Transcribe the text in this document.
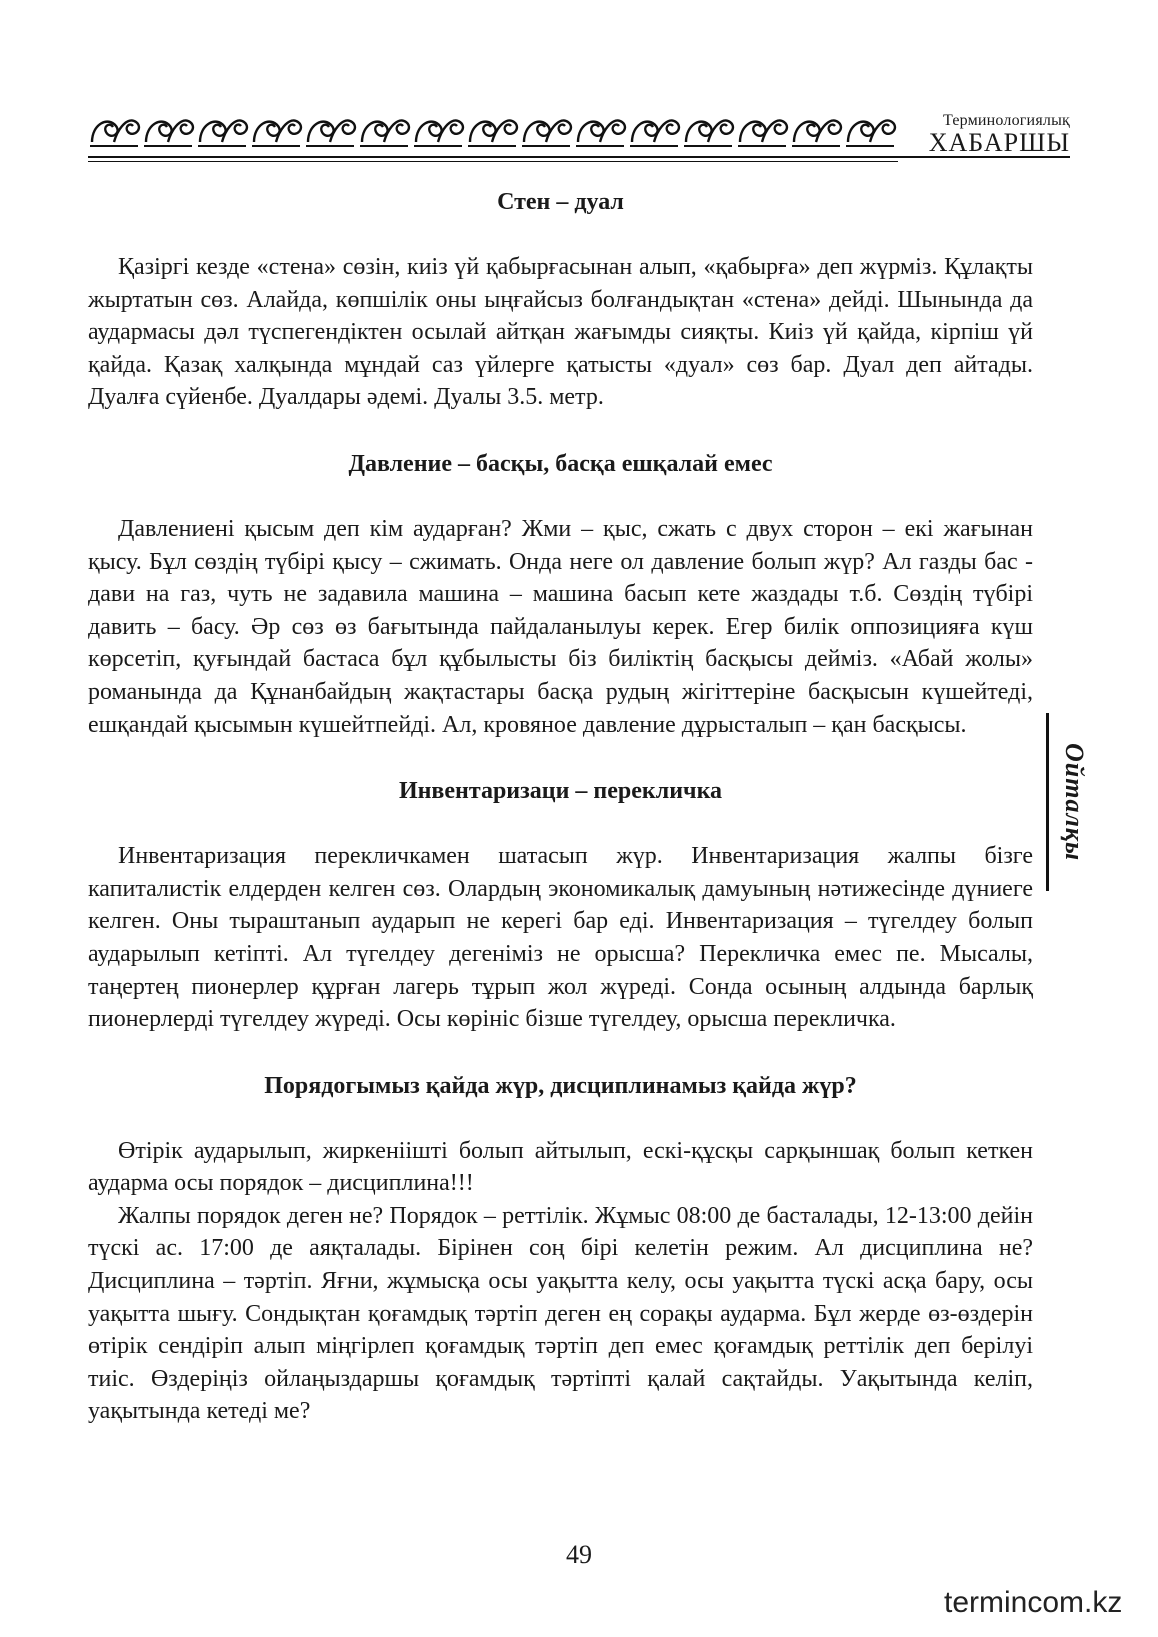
Терминологиялық
ХАБАРШЫ
Стен – дуал

Қазіргі кезде «стена» сөзін, киіз үй қабырғасынан алып, «қабырға» деп жүрміз. Құлақты жыртатын сөз. Алайда, көпшілік оны ыңғайсыз болғандықтан «стена» дейді. Шынында да аудармасы дәл түспегендіктен осылай айтқан жағымды сияқты. Киіз үй қайда, кірпіш үй қайда. Қазақ халқында мұндай саз үйлерге қатысты «дуал» сөз бар. Дуал деп айтады. Дуалға сүйенбе. Дуалдары әдемі. Дуалы 3.5. метр.

Давление – басқы, басқа ешқалай емес

Давлениені қысым деп кім аударған? Жми – қыс, сжать с двух сторон – екі жағынан қысу. Бұл сөздің түбірі қысу – сжимать. Онда неге ол давление болып жүр? Ал газды бас - дави на газ, чуть не задавила машина – машина басып кете жаздады т.б. Сөздің түбірі давить – басу. Әр сөз өз бағытында пайдаланылуы керек. Егер билік оппозицияға күш көрсетіп, қуғындай бастаса бұл құбылысты біз биліктің басқысы дейміз. «Абай жолы» романында да Құнанбайдың жақтастары басқа рудың жігіттеріне басқысын күшейтеді, ешқандай қысымын күшейтпейді. Ал, кровяное давление дұрысталып – қан басқысы.

Инвентаризаци – перекличка

Инвентаризация перекличкамен шатасып жүр. Инвентаризация жалпы бізге капиталистік елдерден келген сөз. Олардың экономикалық дамуының нәтижесінде дүниеге келген. Оны тыраштанып аударып не керегі бар еді. Инвентаризация – түгелдеу болып аударылып кетіпті. Ал түгелдеу дегеніміз не орысша? Перекличка емес пе. Мысалы, таңертең пионерлер құрған лагерь тұрып жол жүреді. Сонда осының алдында барлық пионерлерді түгелдеу жүреді. Осы көрініс бізше түгелдеу, орысша перекличка.

Порядогымыз қайда жүр, дисциплинамыз қайда жүр?

Өтірік аударылып, жиркеніішті болып айтылып, ескі-құсқы сарқыншақ болып кеткен аударма осы порядок – дисциплина!!!

Жалпы порядок деген не? Порядок – реттілік. Жұмыс 08:00 де басталады, 12-13:00 дейін түскі ас. 17:00 де аяқталады. Бірінен соң бірі келетін режим. Ал дисциплина не? Дисциплина – тәртіп. Яғни, жұмысқа осы уақытта келу, осы уақытта түскі асқа бару, осы уақытта шығу. Сондықтан қоғамдық тәртіп деген ең сорақы аударма. Бұл жерде өз-өздерін өтірік сендіріп алып міңгірлеп қоғамдық тәртіп деп емес қоғамдық реттілік деп берілуі тиіс. Өздеріңіз ойлаңыздаршы қоғамдық тәртіпті қалай сақтайды. Уақытында келіп, уақытында кетеді ме?

Ойталқы
49
termincom.kz
